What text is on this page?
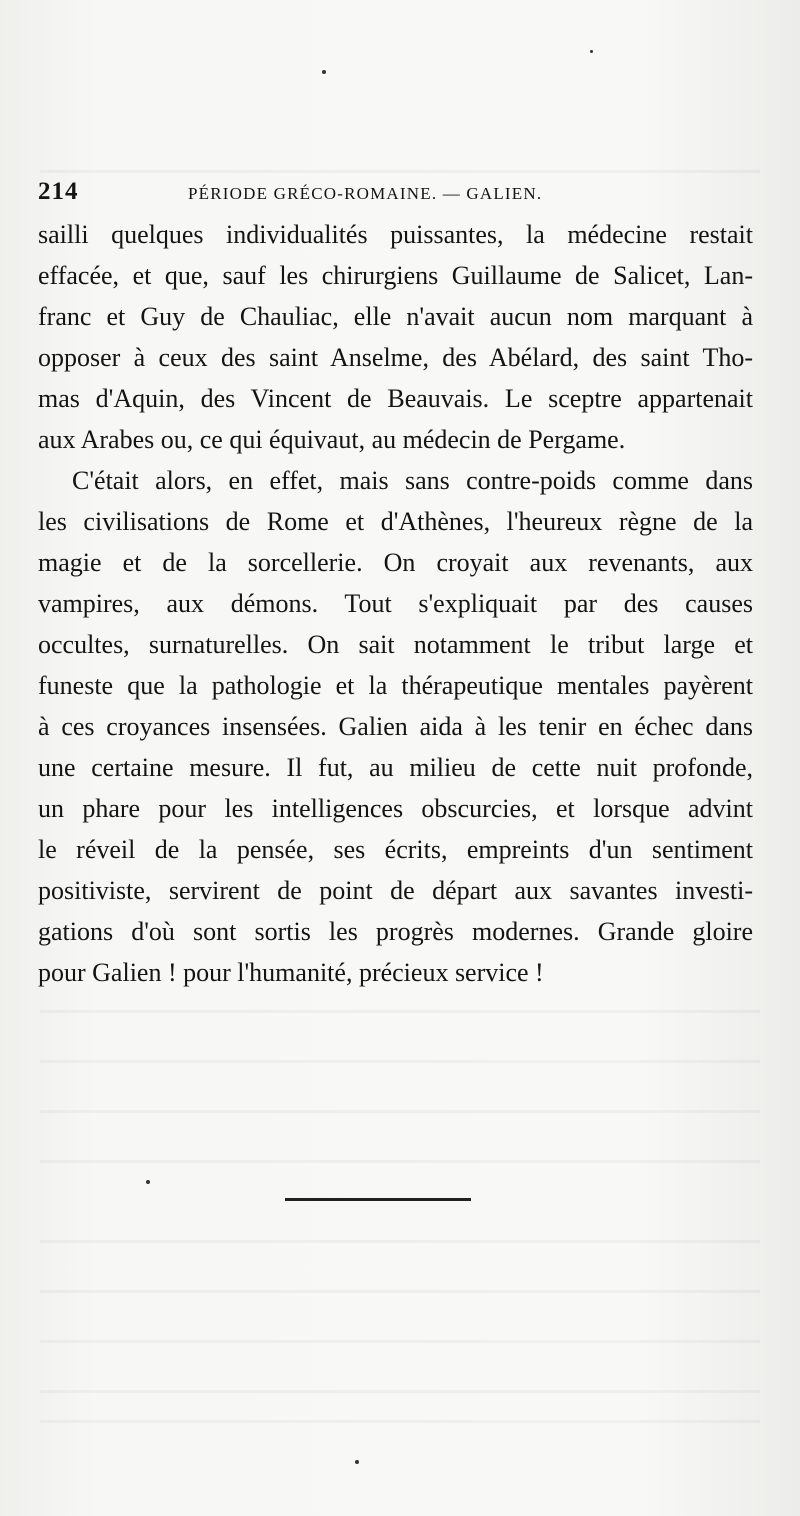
214	PÉRIODE GRÉCO-ROMAINE. — GALIEN.
sailli quelques individualités puissantes, la médecine restait
effacée, et que, sauf les chirurgiens Guillaume de Salicet, Lan-
franc et Guy de Chauliac, elle n'avait aucun nom marquant à
opposer à ceux des saint Anselme, des Abélard, des saint Tho-
mas d'Aquin, des Vincent de Beauvais. Le sceptre appartenait
aux Arabes ou, ce qui équivaut, au médecin de Pergame.
C'était alors, en effet, mais sans contre-poids comme dans
les civilisations de Rome et d'Athènes, l'heureux règne de la
magie et de la sorcellerie. On croyait aux revenants, aux
vampires, aux démons. Tout s'expliquait par des causes
occultes, surnaturelles. On sait notamment le tribut large et
funeste que la pathologie et la thérapeutique mentales payèrent
à ces croyances insensées. Galien aida à les tenir en échec dans
une certaine mesure. Il fut, au milieu de cette nuit profonde,
un phare pour les intelligences obscurcies, et lorsque advint
le réveil de la pensée, ses écrits, empreints d'un sentiment
positiviste, servirent de point de départ aux savantes investi-
gations d'où sont sortis les progrès modernes. Grande gloire
pour Galien ! pour l'humanité, précieux service !
